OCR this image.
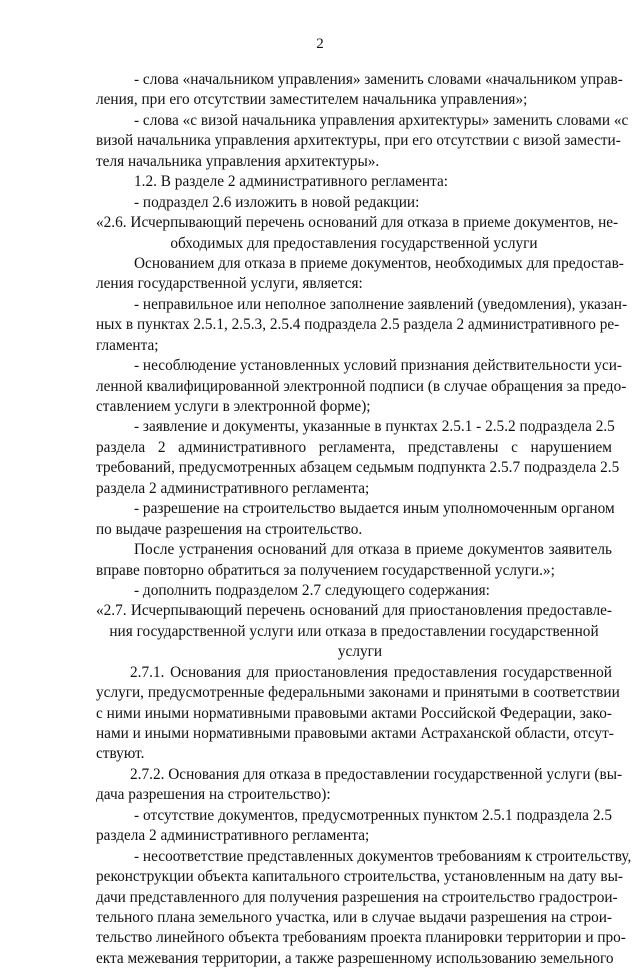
2
- слова «начальником управления» заменить словами «начальником управ-
ления, при его отсутствии заместителем начальника управления»;
- слова «с визой начальника управления архитектуры» заменить словами «с
визой начальника управления архитектуры, при его отсутствии с визой замести-
теля начальника управления архитектуры».
1.2. В разделе 2 административного регламента:
- подраздел 2.6 изложить в новой редакции:
«2.6. Исчерпывающий перечень оснований для отказа в приеме документов, не-
обходимых для предоставления государственной услуги
Основанием для отказа в приеме документов, необходимых для предостав-
ления государственной услуги, является:
- неправильное или неполное заполнение заявлений (уведомления), указан-
ных в пунктах 2.5.1, 2.5.3, 2.5.4 подраздела 2.5 раздела 2 административного ре-
гламента;
- несоблюдение установленных условий признания действительности уси-
ленной квалифицированной электронной подписи (в случае обращения за предо-
ставлением услуги в электронной форме);
- заявление и документы, указанные в пунктах 2.5.1 - 2.5.2 подраздела 2.5
раздела 2 административного регламента, представлены с нарушением
требований, предусмотренных абзацем седьмым подпункта 2.5.7 подраздела 2.5
раздела 2 административного регламента;
- разрешение на строительство выдается иным уполномоченным органом
по выдаче разрешения на строительство.
После устранения оснований для отказа в приеме документов заявитель
вправе повторно обратиться за получением государственной услуги.»;
- дополнить подразделом 2.7 следующего содержания:
«2.7. Исчерпывающий перечень оснований для приостановления предоставле-
ния государственной услуги или отказа в предоставлении государственной
услуги
2.7.1. Основания для приостановления предоставления государственной
услуги, предусмотренные федеральными законами и принятыми в соответствии
с ними иными нормативными правовыми актами Российской Федерации, зако-
нами и иными нормативными правовыми актами Астраханской области, отсут-
ствуют.
2.7.2. Основания для отказа в предоставлении государственной услуги (вы-
дача разрешения на строительство):
- отсутствие документов, предусмотренных пунктом 2.5.1 подраздела 2.5
раздела 2 административного регламента;
- несоответствие представленных документов требованиям к строительству,
реконструкции объекта капитального строительства, установленным на дату вы-
дачи представленного для получения разрешения на строительство градострои-
тельного плана земельного участка, или в случае выдачи разрешения на строи-
тельство линейного объекта требованиям проекта планировки территории и про-
екта межевания территории, а также разрешенному использованию земельного
